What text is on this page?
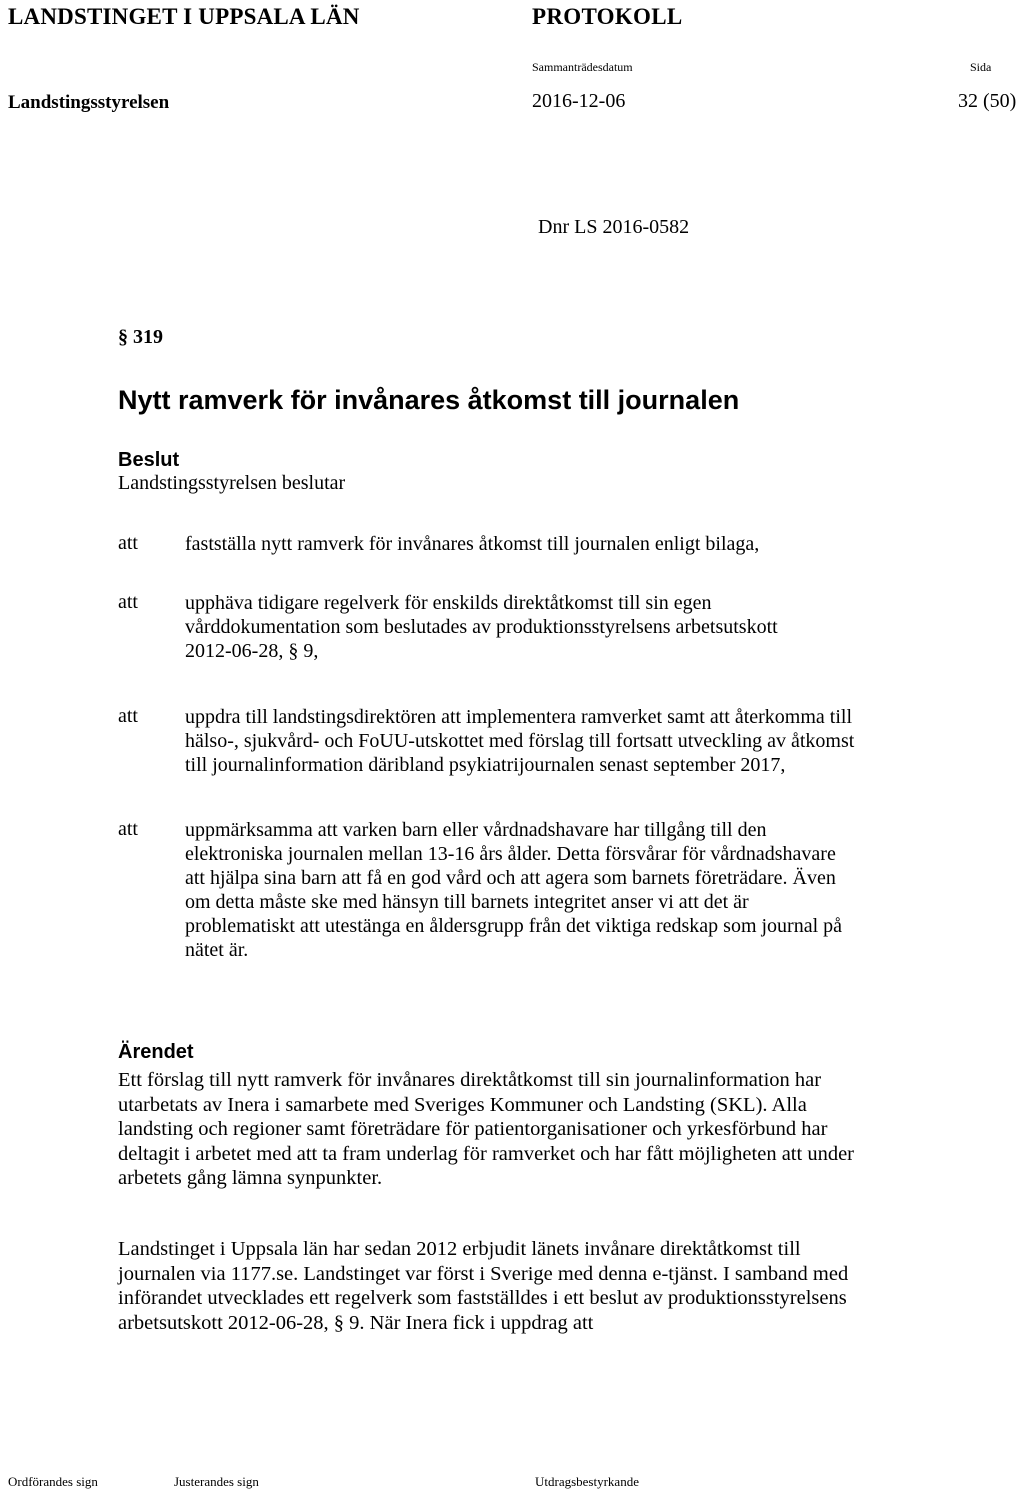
LANDSTINGET I UPPSALA LÄN	PROTOKOLL
Sammanträdesdatum	Sida
Landstingsstyrelsen	2016-12-06	32 (50)
Dnr LS 2016-0582
§ 319
Nytt ramverk för invånares åtkomst till journalen
Beslut
Landstingsstyrelsen beslutar
att fastställa nytt ramverk för invånares åtkomst till journalen enligt bilaga,
att upphäva tidigare regelverk för enskilds direktåtkomst till sin egen
vårddokumentation som beslutades av produktionsstyrelsens arbetsutskott
2012-06-28, § 9,
att uppdra till landstingsdirektören att implementera ramverket samt att återkomma till
hälso-, sjukvård- och FoUU-utskottet med förslag till fortsatt utveckling av åtkomst
till journalinformation däribland psykiatrijournalen senast september 2017,
att uppmärksamma att varken barn eller vårdnadshavare har tillgång till den
elektroniska journalen mellan 13-16 års ålder. Detta försvårar för vårdnadshavare
att hjälpa sina barn att få en god vård och att agera som barnets företrädare. Även
om detta måste ske med hänsyn till barnets integritet anser vi att det är
problematiskt att utestänga en åldersgrupp från det viktiga redskap som journal på
nätet är.
Ärendet
Ett förslag till nytt ramverk för invånares direktåtkomst till sin journalinformation har
utarbetats av Inera i samarbete med Sveriges Kommuner och Landsting (SKL). Alla
landsting och regioner samt företrädare för patientorganisationer och yrkesförbund har
deltagit i arbetet med att ta fram underlag för ramverket och har fått möjligheten att under
arbetets gång lämna synpunkter.
Landstinget i Uppsala län har sedan 2012 erbjudit länets invånare direktåtkomst till
journalen via 1177.se. Landstinget var först i Sverige med denna e-tjänst. I samband med
införandet utvecklades ett regelverk som fastställdes i ett beslut av produktionsstyrelsens
arbetsutskott 2012-06-28, § 9. När Inera fick i uppdrag att
Ordförandes sign	Justerandes sign	Utdragsbestyrkande
